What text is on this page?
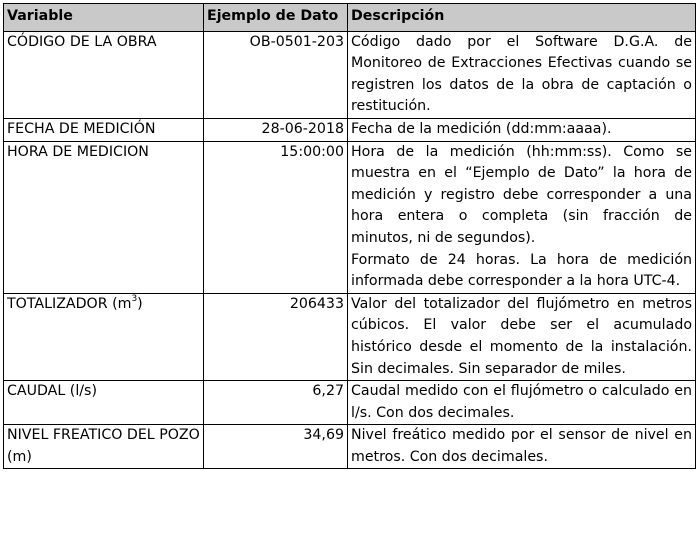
Variable	Ejemplo de Dato	Descripción

CÓDIGO DE LA OBRA	OB-0501-203	Código dado por el Software D.G.A. de Monitoreo de Extracciones Efectivas cuando se registren los datos de la obra de captación o restitución.

FECHA DE MEDICIÓN	28-06-2018	Fecha de la medición (dd:mm:aaaa).

HORA DE MEDICION	15:00:00	Hora de la medición (hh:mm:ss). Como se muestra en el “Ejemplo de Dato” la hora de medición y registro debe corresponder a una hora entera o completa (sin fracción de minutos, ni de segundos).
Formato de 24 horas. La hora de medición informada debe corresponder a la hora UTC-4.

TOTALIZADOR $(m^3)$	206433	Valor del totalizador del flujómetro en metros cúbicos. El valor debe ser el acumulado histórico desde el momento de la instalación. Sin decimales. Sin separador de miles.

CAUDAL (l/s)	6,27	Caudal medido con el flujómetro o calculado en l/s. Con dos decimales.

NIVEL FREATICO DEL POZO (m)	34,69	Nivel freático medido por el sensor de nivel en metros. Con dos decimales.
